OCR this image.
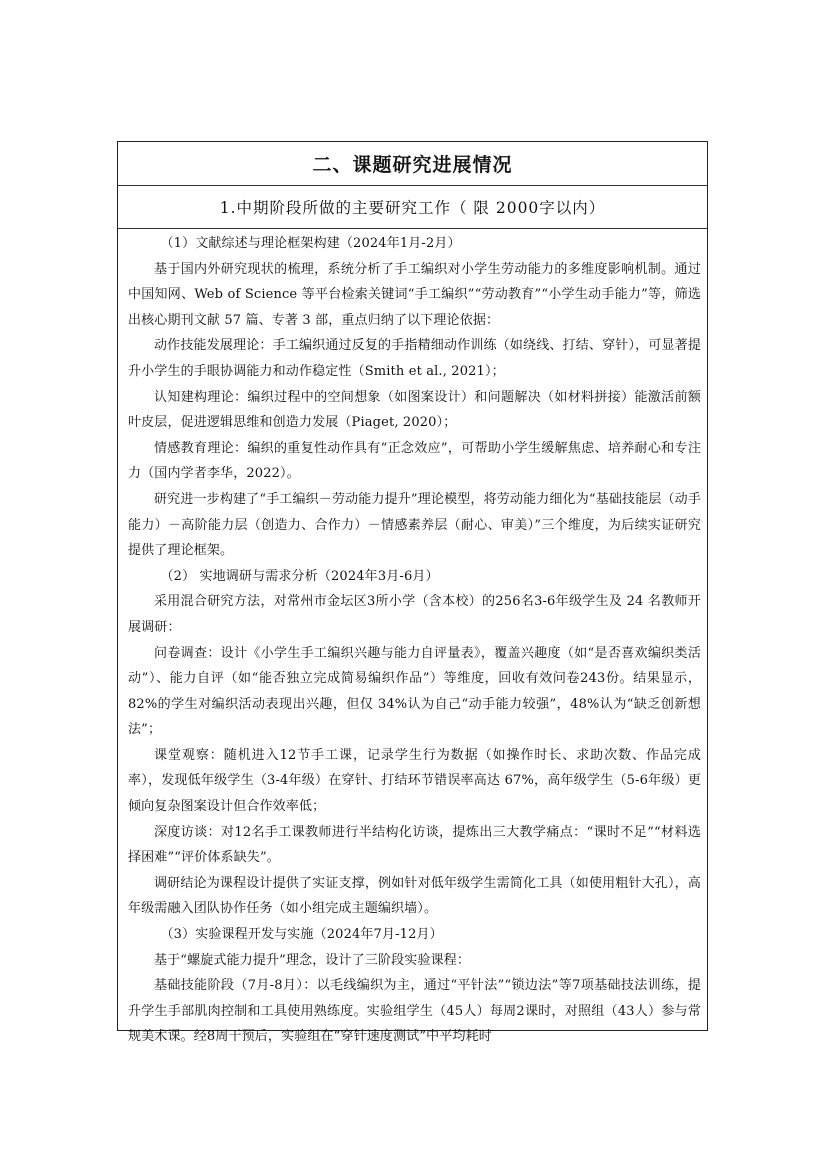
二、课题研究进展情况
1.中期阶段所做的主要研究工作（ 限 2000字以内）

（1）文献综述与理论框架构建（2024年1月-2月）

基于国内外研究现状的梳理，系统分析了手工编织对小学生劳动能力的多维度影响机制。通过中国知网、Web of Science 等平台检索关键词“手工编织”“劳动教育”“小学生动手能力”等，筛选出核心期刊文献 57 篇、专著 3 部，重点归纳了以下理论依据：

动作技能发展理论：手工编织通过反复的手指精细动作训练（如绕线、打结、穿针），可显著提升小学生的手眼协调能力和动作稳定性（Smith et al., 2021）；

认知建构理论：编织过程中的空间想象（如图案设计）和问题解决（如材料拼接）能激活前额叶皮层，促进逻辑思维和创造力发展（Piaget, 2020）；

情感教育理论：编织的重复性动作具有“正念效应”，可帮助小学生缓解焦虑、培养耐心和专注力（国内学者李华，2022）。

研究进一步构建了“手工编织－劳动能力提升”理论模型，将劳动能力细化为“基础技能层（动手能力）－高阶能力层（创造力、合作力）－情感素养层（耐心、审美）”三个维度，为后续实证研究提供了理论框架。

（2） 实地调研与需求分析（2024年3月-6月）

采用混合研究方法，对常州市金坛区3所小学（含本校）的256名3-6年级学生及 24 名教师开展调研：

问卷调查：设计《小学生手工编织兴趣与能力自评量表》，覆盖兴趣度（如“是否喜欢编织类活动”）、能力自评（如“能否独立完成简易编织作品”）等维度，回收有效问卷243份。结果显示，82%的学生对编织活动表现出兴趣，但仅 34%认为自己“动手能力较强”，48%认为“缺乏创新想法”；

课堂观察：随机进入12节手工课，记录学生行为数据（如操作时长、求助次数、作品完成率），发现低年级学生（3-4年级）在穿针、打结环节错误率高达 67%，高年级学生（5-6年级）更倾向复杂图案设计但合作效率低；

深度访谈：对12名手工课教师进行半结构化访谈，提炼出三大教学痛点：“课时不足”“材料选择困难”“评价体系缺失”。

调研结论为课程设计提供了实证支撑，例如针对低年级学生需简化工具（如使用粗针大孔），高年级需融入团队协作任务（如小组完成主题编织墙）。

（3）实验课程开发与实施（2024年7月-12月）

基于“螺旋式能力提升”理念，设计了三阶段实验课程：

基础技能阶段（7月-8月）：以毛线编织为主，通过“平针法”“锁边法”等7项基础技法训练，提升学生手部肌肉控制和工具使用熟练度。实验组学生（45人）每周2课时，对照组（43人）参与常规美术课。经8周干预后，实验组在“穿针速度测试”中平均耗时
